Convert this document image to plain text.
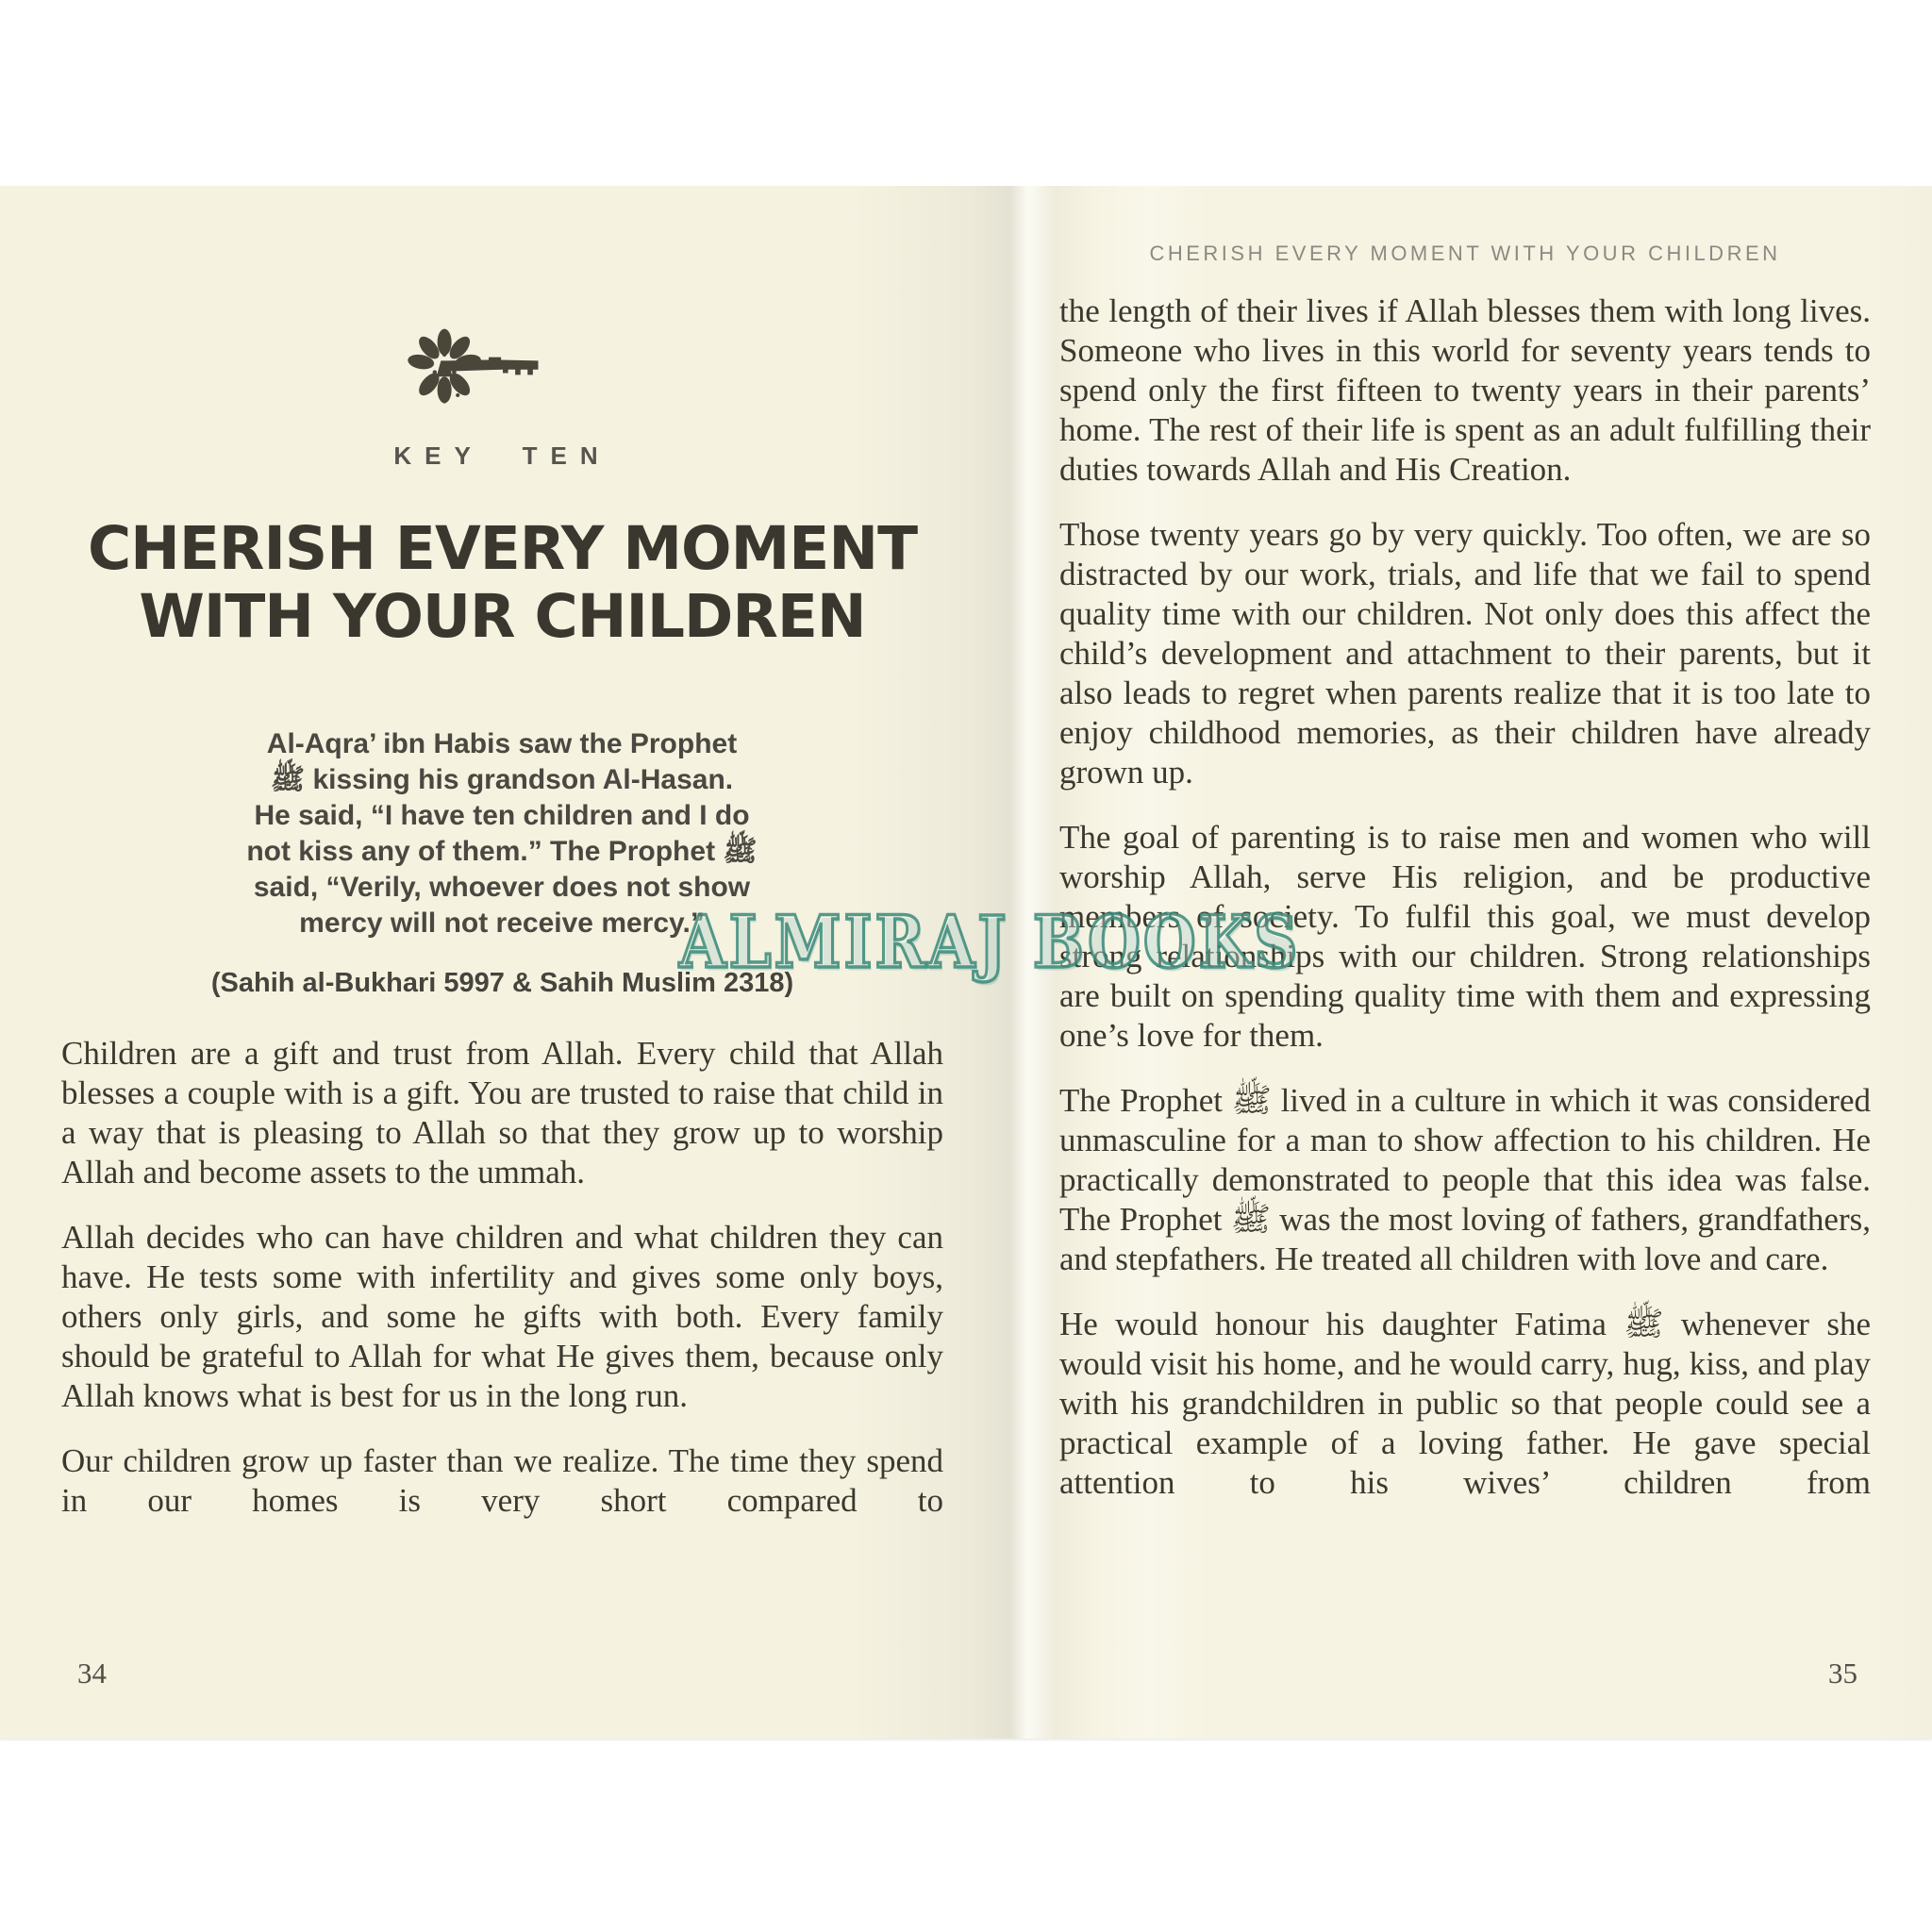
KEY TEN
CHERISH EVERY MOMENT
WITH YOUR CHILDREN
Al-Aqra’ ibn Habis saw the Prophet
ﷺ kissing his grandson Al-Hasan.
He said, “I have ten children and I do
not kiss any of them.” The Prophet ﷺ
said, “Verily, whoever does not show
mercy will not receive mercy.”
(Sahih al-Bukhari 5997 & Sahih Muslim 2318)

Children are a gift and trust from Allah. Every child that Allah blesses a couple with is a gift. You are trusted to raise that child in a way that is pleasing to Allah so that they grow up to worship Allah and become assets to the ummah.

Allah decides who can have children and what children they can have. He tests some with infertility and gives some only boys, others only girls, and some he gifts with both. Every family should be grateful to Allah for what He gives them, because only Allah knows what is best for us in the long run.

Our children grow up faster than we realize. The time they spend in our homes is very short compared to

34
CHERISH EVERY MOMENT WITH YOUR CHILDREN

the length of their lives if Allah blesses them with long lives. Someone who lives in this world for seventy years tends to spend only the first fifteen to twenty years in their parents’ home. The rest of their life is spent as an adult fulfilling their duties towards Allah and His Creation.

Those twenty years go by very quickly. Too often, we are so distracted by our work, trials, and life that we fail to spend quality time with our children. Not only does this affect the child’s development and attachment to their parents, but it also leads to regret when parents realize that it is too late to enjoy childhood memories, as their children have already grown up.

The goal of parenting is to raise men and women who will worship Allah, serve His religion, and be productive members of society. To fulfil this goal, we must develop strong relationships with our children. Strong relationships are built on spending quality time with them and expressing one’s love for them.

The Prophet ﷺ lived in a culture in which it was considered unmasculine for a man to show affection to his children. He practically demonstrated to people that this idea was false. The Prophet ﷺ was the most loving of fathers, grandfathers, and stepfathers. He treated all children with love and care.

He would honour his daughter Fatima ﷺ whenever she would visit his home, and he would carry, hug, kiss, and play with his grandchildren in public so that people could see a practical example of a loving father. He gave special attention to his wives’ children from

35
ALMIRAJ BOOKS
